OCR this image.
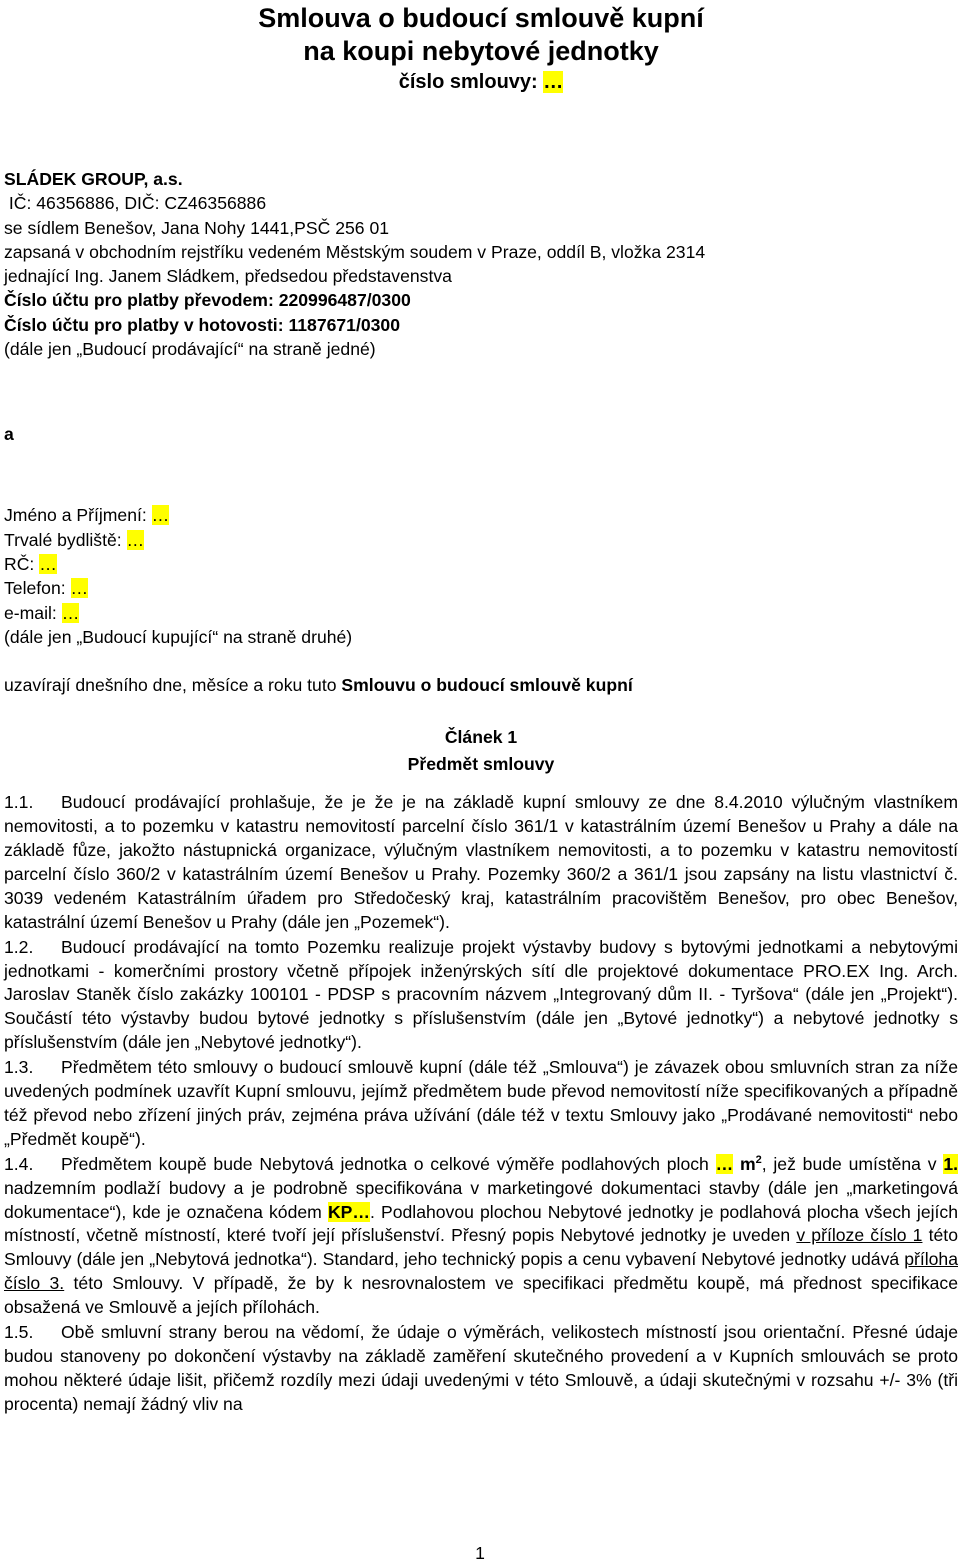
Smlouva o budoucí smlouvě kupní
na koupi nebytové jednotky
číslo smlouvy: …
SLÁDEK GROUP, a.s.
IČ: 46356886, DIČ: CZ46356886
se sídlem Benešov, Jana Nohy 1441,PSČ 256 01
zapsaná v obchodním rejstříku vedeném Městským soudem v Praze, oddíl B, vložka 2314
jednající Ing. Janem Sládkem, předsedou představenstva
Číslo účtu pro platby převodem: 220996487/0300
Číslo účtu pro platby v hotovosti: 1187671/0300
(dále jen „Budoucí prodávající“ na straně jedné)
a
Jméno a Příjmení: …
Trvalé bydliště: …
RČ: …
Telefon: …
e-mail: …
(dále jen „Budoucí kupující“ na straně druhé)
uzavírají dnešního dne, měsíce a roku tuto Smlouvu o budoucí smlouvě kupní
Článek 1
Předmět smlouvy

1.1. Budoucí prodávající prohlašuje, že je že je na základě kupní smlouvy ze dne 8.4.2010 výlučným vlastníkem nemovitosti, a to pozemku v katastru nemovitostí parcelní číslo 361/1 v katastrálním území Benešov u Prahy a dále na základě fůze, jakožto nástupnická organizace, výlučným vlastníkem nemovitosti, a to pozemku v katastru nemovitostí parcelní číslo 360/2 v katastrálním území Benešov u Prahy. Pozemky 360/2 a 361/1 jsou zapsány na listu vlastnictví č. 3039 vedeném Katastrálním úřadem pro Středočeský kraj, katastrálním pracovištěm Benešov, pro obec Benešov, katastrální území Benešov u Prahy (dále jen „Pozemek“).

1.2. Budoucí prodávající na tomto Pozemku realizuje projekt výstavby budovy s bytovými jednotkami a nebytovými jednotkami - komerčními prostory včetně přípojek inženýrských sítí dle projektové dokumentace PRO.EX Ing. Arch. Jaroslav Staněk číslo zakázky 100101 - PDSP s pracovním názvem „Integrovaný dům II. - Tyršova“ (dále jen „Projekt“). Součástí této výstavby budou bytové jednotky s příslušenstvím (dále jen „Bytové jednotky“) a nebytové jednotky s příslušenstvím (dále jen „Nebytové jednotky“).

1.3. Předmětem této smlouvy o budoucí smlouvě kupní (dále též „Smlouva“) je závazek obou smluvních stran za níže uvedených podmínek uzavřít Kupní smlouvu, jejímž předmětem bude převod nemovitostí níže specifikovaných a případně též převod nebo zřízení jiných práv, zejména práva užívání (dále též v textu Smlouvy jako „Prodávané nemovitosti“ nebo „Předmět koupě“).

1.4. Předmětem koupě bude Nebytová jednotka o celkové výměře podlahových ploch … $m^2$, jež bude umístěna v 1. nadzemním podlaží budovy a je podrobně specifikována v marketingové dokumentaci stavby (dále jen „marketingová dokumentace“), kde je označena kódem KP…. Podlahovou plochou Nebytové jednotky je podlahová plocha všech jejích místností, včetně místností, které tvoří její příslušenství. Přesný popis Nebytové jednotky je uveden v příloze číslo 1 této Smlouvy (dále jen „Nebytová jednotka“). Standard, jeho technický popis a cenu vybavení Nebytové jednotky udává příloha číslo 3. této Smlouvy. V případě, že by k nesrovnalostem ve specifikaci předmětu koupě, má přednost specifikace obsažená ve Smlouvě a jejích přílohách.

1.5. Obě smluvní strany berou na vědomí, že údaje o výměrách, velikostech místností jsou orientační. Přesné údaje budou stanoveny po dokončení výstavby na základě zaměření skutečného provedení a v Kupních smlouvách se proto mohou některé údaje lišit, přičemž rozdíly mezi údaji uvedenými v této Smlouvě, a údaji skutečnými v rozsahu +/- 3% (tři procenta) nemají žádný vliv na

1
